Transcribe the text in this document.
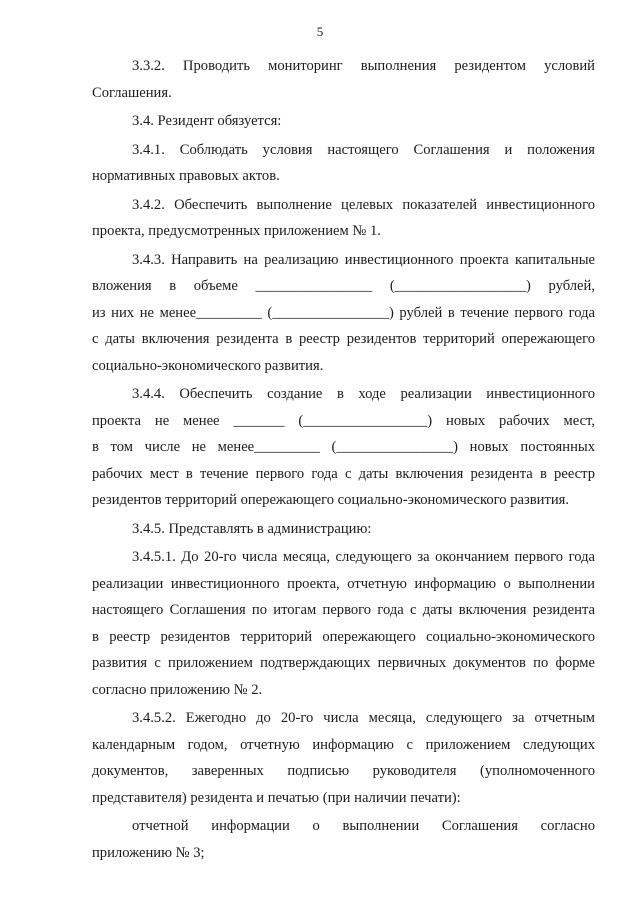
5
3.3.2. Проводить мониторинг выполнения резидентом условий
Соглашения.
3.4. Резидент обязуется:
3.4.1. Соблюдать условия настоящего Соглашения и положения
нормативных правовых актов.
3.4.2. Обеспечить выполнение целевых показателей инвестиционного
проекта, предусмотренных приложением № 1.
3.4.3. Направить на реализацию инвестиционного проекта капитальные
вложения в объеме ________________ (__________________) рублей,
из них не менее_________ (________________) рублей в течение первого года
с даты включения резидента в реестр резидентов территорий опережающего
социально-экономического развития.
3.4.4. Обеспечить создание в ходе реализации инвестиционного
проекта не менее _______ (_________________) новых рабочих мест,
в том числе не менее_________ (________________) новых постоянных
рабочих мест в течение первого года с даты включения резидента в реестр
резидентов территорий опережающего социально-экономического развития.
3.4.5. Представлять в администрацию:
3.4.5.1. До 20-го числа месяца, следующего за окончанием первого года
реализации инвестиционного проекта, отчетную информацию о выполнении
настоящего Соглашения по итогам первого года с даты включения резидента
в реестр резидентов территорий опережающего социально-экономического
развития с приложением подтверждающих первичных документов по форме
согласно приложению № 2.
3.4.5.2. Ежегодно до 20-го числа месяца, следующего за отчетным
календарным годом, отчетную информацию с приложением следующих
документов, заверенных подписью руководителя (уполномоченного
представителя) резидента и печатью (при наличии печати):
отчетной информации о выполнении Соглашения согласно
приложению № 3;
